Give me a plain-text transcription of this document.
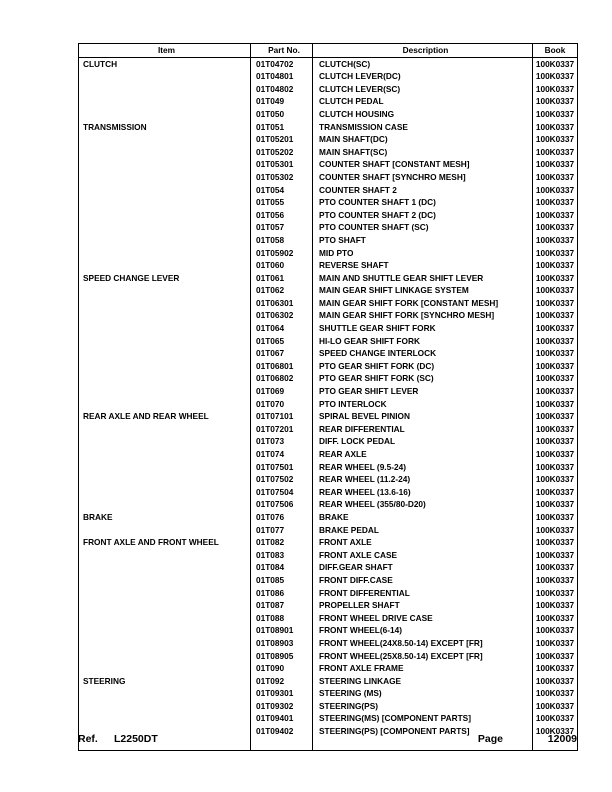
Item	Part No.	Description	Book
CLUTCH	01T04702	CLUTCH(SC)	100K0337
	01T04801	CLUTCH LEVER(DC)	100K0337
	01T04802	CLUTCH LEVER(SC)	100K0337
	01T049	CLUTCH PEDAL	100K0337
	01T050	CLUTCH HOUSING	100K0337
TRANSMISSION	01T051	TRANSMISSION CASE	100K0337
	01T05201	MAIN SHAFT(DC)	100K0337
	01T05202	MAIN SHAFT(SC)	100K0337
	01T05301	COUNTER SHAFT [CONSTANT MESH]	100K0337
	01T05302	COUNTER SHAFT [SYNCHRO MESH]	100K0337
	01T054	COUNTER SHAFT 2	100K0337
	01T055	PTO COUNTER SHAFT 1 (DC)	100K0337
	01T056	PTO COUNTER SHAFT 2 (DC)	100K0337
	01T057	PTO COUNTER SHAFT (SC)	100K0337
	01T058	PTO SHAFT	100K0337
	01T05902	MID PTO	100K0337
	01T060	REVERSE SHAFT	100K0337
SPEED CHANGE LEVER	01T061	MAIN AND SHUTTLE GEAR SHIFT LEVER	100K0337
	01T062	MAIN GEAR SHIFT LINKAGE SYSTEM	100K0337
	01T06301	MAIN GEAR SHIFT FORK [CONSTANT MESH]	100K0337
	01T06302	MAIN GEAR SHIFT FORK [SYNCHRO MESH]	100K0337
	01T064	SHUTTLE GEAR SHIFT FORK	100K0337
	01T065	HI-LO GEAR SHIFT FORK	100K0337
	01T067	SPEED CHANGE INTERLOCK	100K0337
	01T06801	PTO GEAR SHIFT FORK (DC)	100K0337
	01T06802	PTO GEAR SHIFT FORK (SC)	100K0337
	01T069	PTO GEAR SHIFT LEVER	100K0337
	01T070	PTO INTERLOCK	100K0337
REAR AXLE AND REAR WHEEL	01T07101	SPIRAL BEVEL PINION	100K0337
	01T07201	REAR DIFFERENTIAL	100K0337
	01T073	DIFF. LOCK PEDAL	100K0337
	01T074	REAR AXLE	100K0337
	01T07501	REAR WHEEL (9.5-24)	100K0337
	01T07502	REAR WHEEL (11.2-24)	100K0337
	01T07504	REAR WHEEL (13.6-16)	100K0337
	01T07506	REAR WHEEL (355/80-D20)	100K0337
BRAKE	01T076	BRAKE	100K0337
	01T077	BRAKE PEDAL	100K0337
FRONT AXLE AND FRONT WHEEL	01T082	FRONT AXLE	100K0337
	01T083	FRONT AXLE CASE	100K0337
	01T084	DIFF.GEAR SHAFT	100K0337
	01T085	FRONT DIFF.CASE	100K0337
	01T086	FRONT DIFFERENTIAL	100K0337
	01T087	PROPELLER SHAFT	100K0337
	01T088	FRONT WHEEL DRIVE CASE	100K0337
	01T08901	FRONT WHEEL(6-14)	100K0337
	01T08903	FRONT WHEEL(24X8.50-14) EXCEPT [FR]	100K0337
	01T08905	FRONT WHEEL(25X8.50-14) EXCEPT [FR]	100K0337
	01T090	FRONT AXLE FRAME	100K0337
STEERING	01T092	STEERING LINKAGE	100K0337
	01T09301	STEERING (MS)	100K0337
	01T09302	STEERING(PS)	100K0337
	01T09401	STEERING(MS) [COMPONENT PARTS]	100K0337
	01T09402	STEERING(PS) [COMPONENT PARTS]	100K0337

Ref. L2250DT	Page	12009
